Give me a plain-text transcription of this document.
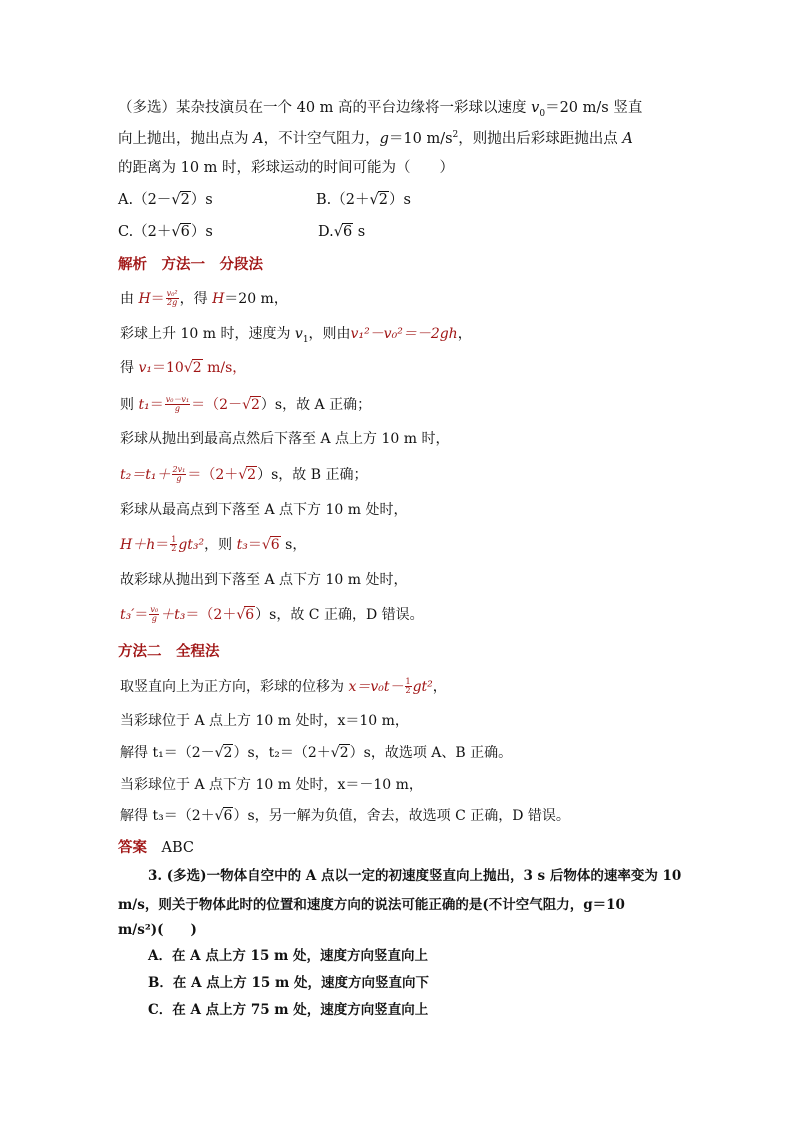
（多选）某杂技演员在一个 40 m 高的平台边缘将一彩球以速度 $v_0=20$ m/s 竖直
向上抛出，抛出点为 A，不计空气阻力，g＝10 $m/s^2$，则抛出后彩球距抛出点 A
的距离为 10 m 时，彩球运动的时间可能为（　　）
A.（2－√2）s	B.（2＋√2）s
C.（2＋√6）s	D.√6 s
解析　方法一　分段法
由 $H= \frac{\text{v₀²}}{2g}$ ，得 H＝20 m，
彩球上升 10 m 时，速度为 $v_1$，则由v₁²－v₀²＝－2gh，
得 v₁＝10√2 m/s，
则 $t_1= \frac{\text{v₀－v₁}}{g} =(2-√2)s$，故 A 正确；
彩球从抛出到最高点然后下落至 A 点上方 10 m 时，
$t_2=t_1+ \frac{\text{2v₁}}{g} =(2+√2)s$，故 B 正确；
彩球从最高点到下落至 A 点下方 10 m 处时，
$H+h= \frac{1}{2} gt_3^2$，则 t₃＝√6 s，
故彩球从抛出到下落至 A 点下方 10 m 处时，
$t_3'= \frac{\text{v₀}}{g} +t_3=(2+√6)s$，故 C 正确，D 错误。
方法二　全程法
取竖直向上为正方向，彩球的位移为 $x=v_0t- \frac{1}{2} gt^2$，
当彩球位于 A 点上方 10 m 处时，x＝10 m，
解得 t₁＝（2－√2）s，t₂＝（2＋√2）s，故选项 A、B 正确。
当彩球位于 A 点下方 10 m 处时，x＝－10 m，
解得 t₃＝（2＋√6）s，另一解为负值，舍去，故选项 C 正确，D 错误。
答案　ABC
3. (多选)一物体自空中的 A 点以一定的初速度竖直向上抛出，3 s 后物体的速率变为 10
m/s，则关于物体此时的位置和速度方向的说法可能正确的是(不计空气阻力，g＝10
m/s²)(　　)
A．在 A 点上方 15 m 处，速度方向竖直向上
B．在 A 点上方 15 m 处，速度方向竖直向下
C．在 A 点上方 75 m 处，速度方向竖直向上
